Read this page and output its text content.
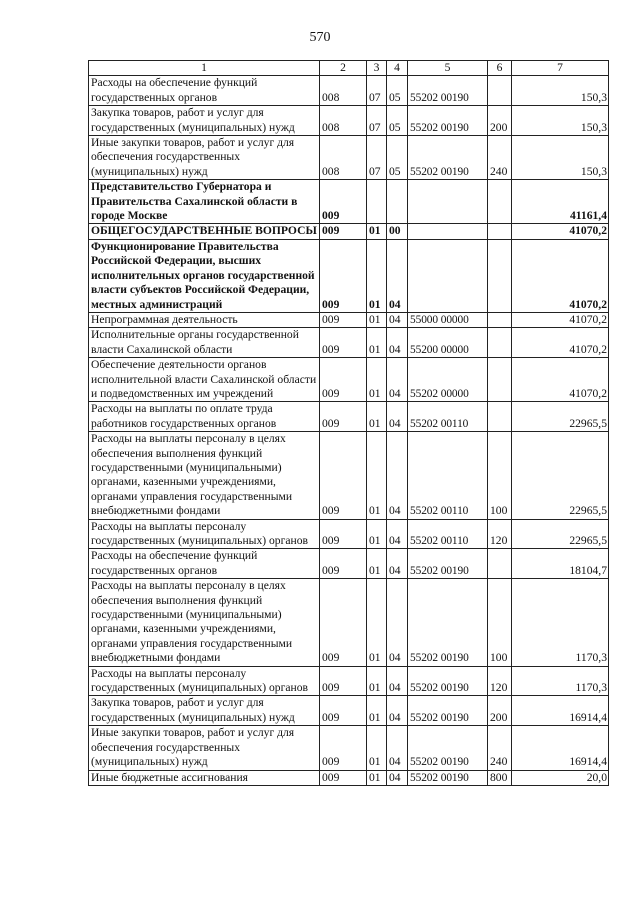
570
1	2	3	4	5	6	7
Расходы на обеспечение функций государственных органов	008	07	05	55202 00190		150,3
Закупка товаров, работ и услуг для государственных (муниципальных) нужд	008	07	05	55202 00190	200	150,3
Иные закупки товаров, работ и услуг для обеспечения государственных (муниципальных) нужд	008	07	05	55202 00190	240	150,3
Представительство Губернатора и Правительства Сахалинской области в городе Москве	009					41161,4
ОБЩЕГОСУДАРСТВЕННЫЕ ВОПРОСЫ	009	01	00			41070,2
Функционирование Правительства Российской Федерации, высших исполнительных органов государственной власти субъектов Российской Федерации, местных администраций	009	01	04			41070,2
Непрограммная деятельность	009	01	04	55000 00000		41070,2
Исполнительные органы государственной власти Сахалинской области	009	01	04	55200 00000		41070,2
Обеспечение деятельности органов исполнительной власти Сахалинской области и подведомственных им учреждений	009	01	04	55202 00000		41070,2
Расходы на выплаты по оплате труда работников государственных органов	009	01	04	55202 00110		22965,5
Расходы на выплаты персоналу в целях обеспечения выполнения функций государственными (муниципальными) органами, казенными учреждениями, органами управления государственными внебюджетными фондами	009	01	04	55202 00110	100	22965,5
Расходы на выплаты персоналу государственных (муниципальных) органов	009	01	04	55202 00110	120	22965,5
Расходы на обеспечение функций государственных органов	009	01	04	55202 00190		18104,7
Расходы на выплаты персоналу в целях обеспечения выполнения функций государственными (муниципальными) органами, казенными учреждениями, органами управления государственными внебюджетными фондами	009	01	04	55202 00190	100	1170,3
Расходы на выплаты персоналу государственных (муниципальных) органов	009	01	04	55202 00190	120	1170,3
Закупка товаров, работ и услуг для государственных (муниципальных) нужд	009	01	04	55202 00190	200	16914,4
Иные закупки товаров, работ и услуг для обеспечения государственных (муниципальных) нужд	009	01	04	55202 00190	240	16914,4
Иные бюджетные ассигнования	009	01	04	55202 00190	800	20,0
